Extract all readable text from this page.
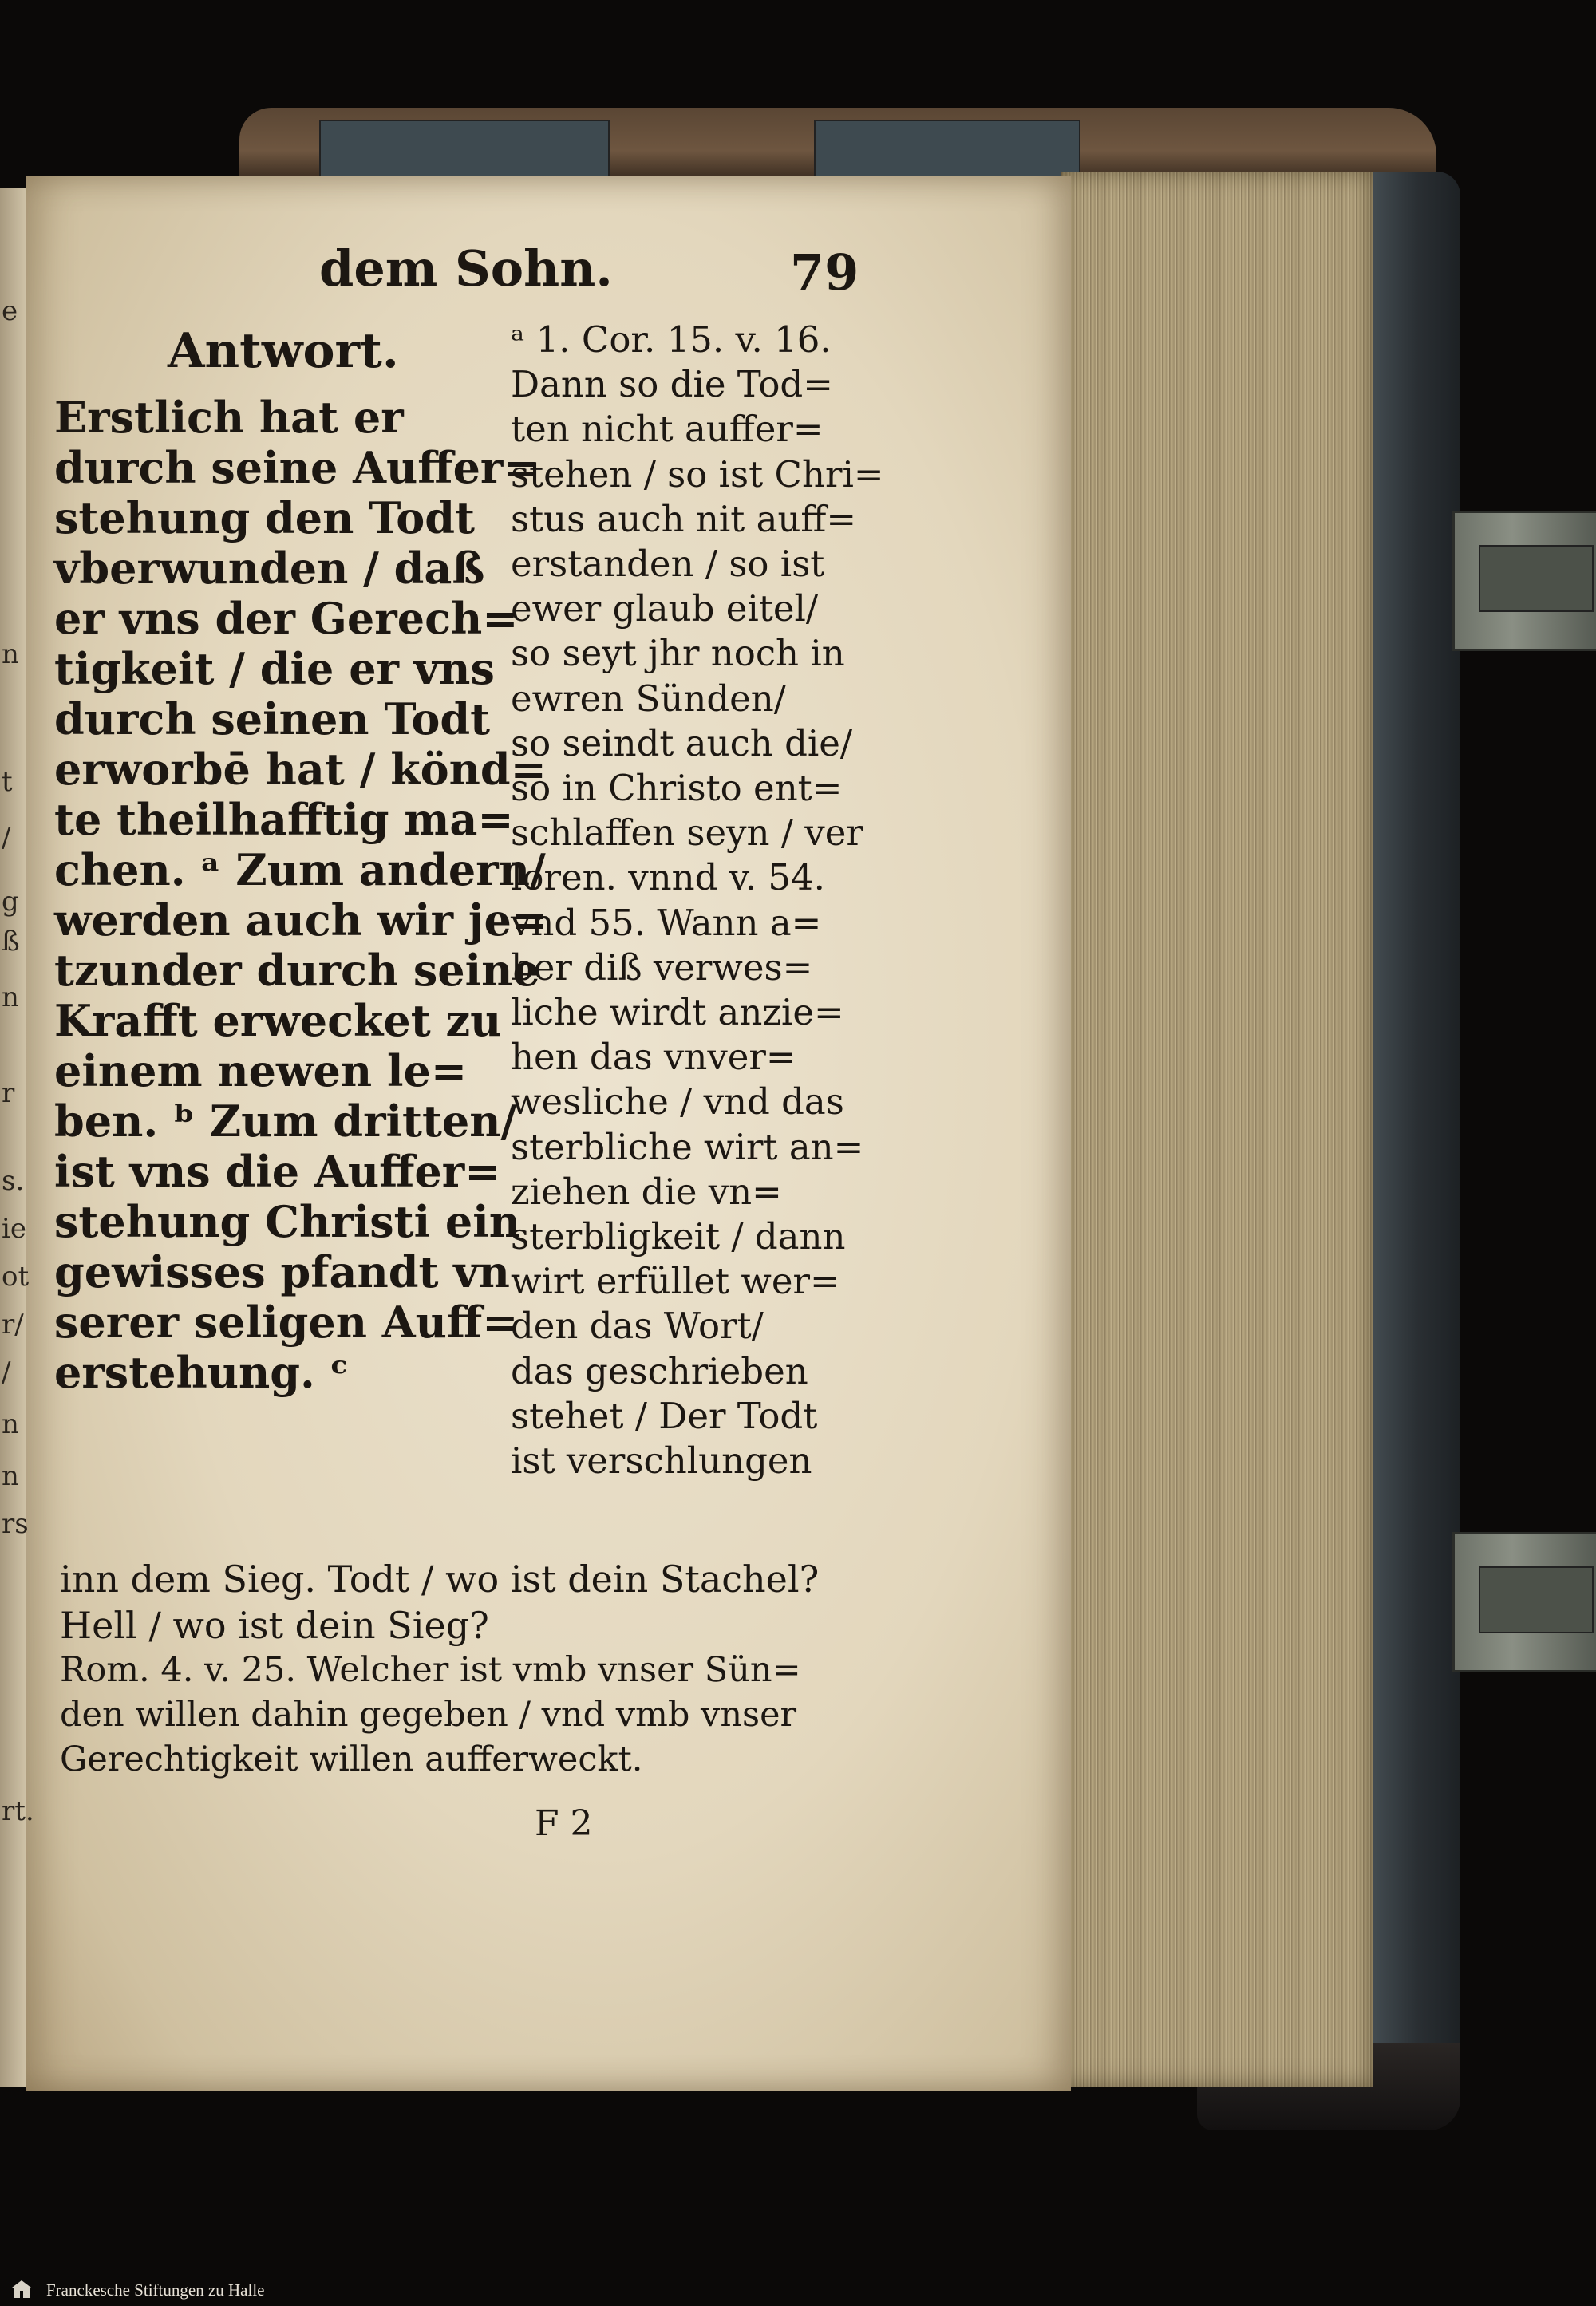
e
n
t
/
g
ß
n
r
s.
ie
ot
r/
/
n
n
rs
rt.
dem Sohn.	79
Antwort.
Erstlich hat er
durch seine Auffer=
stehung den Todt
vberwunden / daß
er vns der Gerech=
tigkeit / die er vns
durch seinen Todt
erworbē hat / könd=
te theilhafftig ma=
chen. ᵃ Zum andern/
werden auch wir je=
tzunder durch seine
Krafft erwecket zu
einem newen le=
ben. ᵇ Zum dritten/
ist vns die Auffer=
stehung Christi ein
gewisses pfandt vn
serer seligen Auff=
erstehung. ᶜ
ᵃ 1. Cor. 15. v. 16.
Dann so die Tod=
ten nicht auffer=
stehen / so ist Chri=
stus auch nit auff=
erstanden / so ist
ewer glaub eitel/
so seyt jhr noch in
ewren Sünden/
so seindt auch die/
so in Christo ent=
schlaffen seyn / ver
loren. vnnd v. 54.
vnd 55. Wann a=
ber diß verwes=
liche wirdt anzie=
hen das vnver=
wesliche / vnd das
sterbliche wirt an=
ziehen die vn=
sterbligkeit / dann
wirt erfüllet wer=
den das Wort/
das geschrieben
stehet / Der Todt
ist verschlungen
inn dem Sieg. Todt / wo ist dein Stachel?
Hell / wo ist dein Sieg?
Rom. 4. v. 25. Welcher ist vmb vnser Sün=
den willen dahin gegeben / vnd vmb vnser
Gerechtigkeit willen aufferweckt.
F 2
Franckesche Stiftungen zu Halle
